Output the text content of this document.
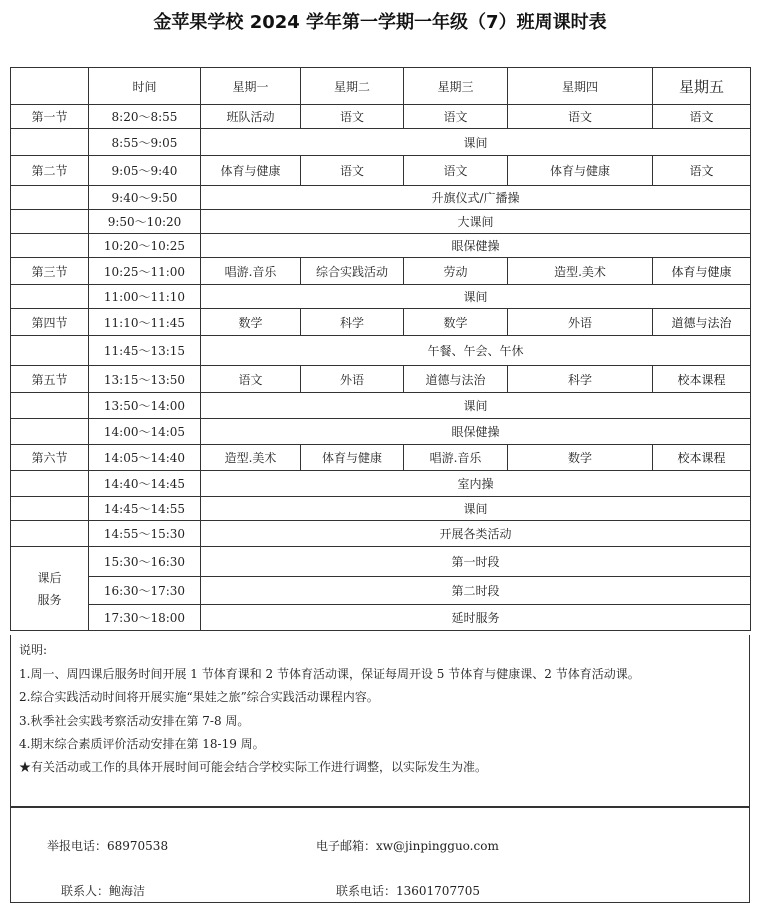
金苹果学校 2024 学年第一学期一年级（7）班周课时表
	时间	星期一	星期二	星期三	星期四	星期五
第一节	8:20～8:55	班队活动	语文	语文	语文	语文
	8:55～9:05	课间				
第二节	9:05～9:40	体育与健康	语文	语文	体育与健康	语文
	9:40～9:50	升旗仪式/广播操				
	9:50～10:20	大课间				
	10:20～10:25	眼保健操				
第三节	10:25～11:00	唱游.音乐	综合实践活动	劳动	造型.美术	体育与健康
	11:00～11:10	课间				
第四节	11:10～11:45	数学	科学	数学	外语	道德与法治
	11:45～13:15	午餐、午会、午休				
第五节	13:15～13:50	语文	外语	道德与法治	科学	校本课程
	13:50～14:00	课间				
	14:00～14:05	眼保健操				
第六节	14:05～14:40	造型.美术	体育与健康	唱游.音乐	数学	校本课程
	14:40～14:45	室内操				
	14:45～14:55	课间				
	14:55～15:30	开展各类活动				
课后
服务	15:30～16:30	第一时段				
	16:30～17:30	第二时段				
	17:30～18:00	延时服务				
说明:
1.周一、周四课后服务时间开展 1 节体育课和 2 节体育活动课，保证每周开设 5 节体育与健康课、2 节体育活动课。
2.综合实践活动时间将开展实施“果娃之旅”综合实践活动课程内容。
3.秋季社会实践考察活动安排在第 7-8 周。
4.期末综合素质评价活动安排在第 18-19 周。
★有关活动或工作的具体开展时间可能会结合学校实际工作进行调整，以实际发生为准。
举报电话：68970538	电子邮箱：xw@jinpingguo.com
联系人：鲍海洁	联系电话：13601707705
